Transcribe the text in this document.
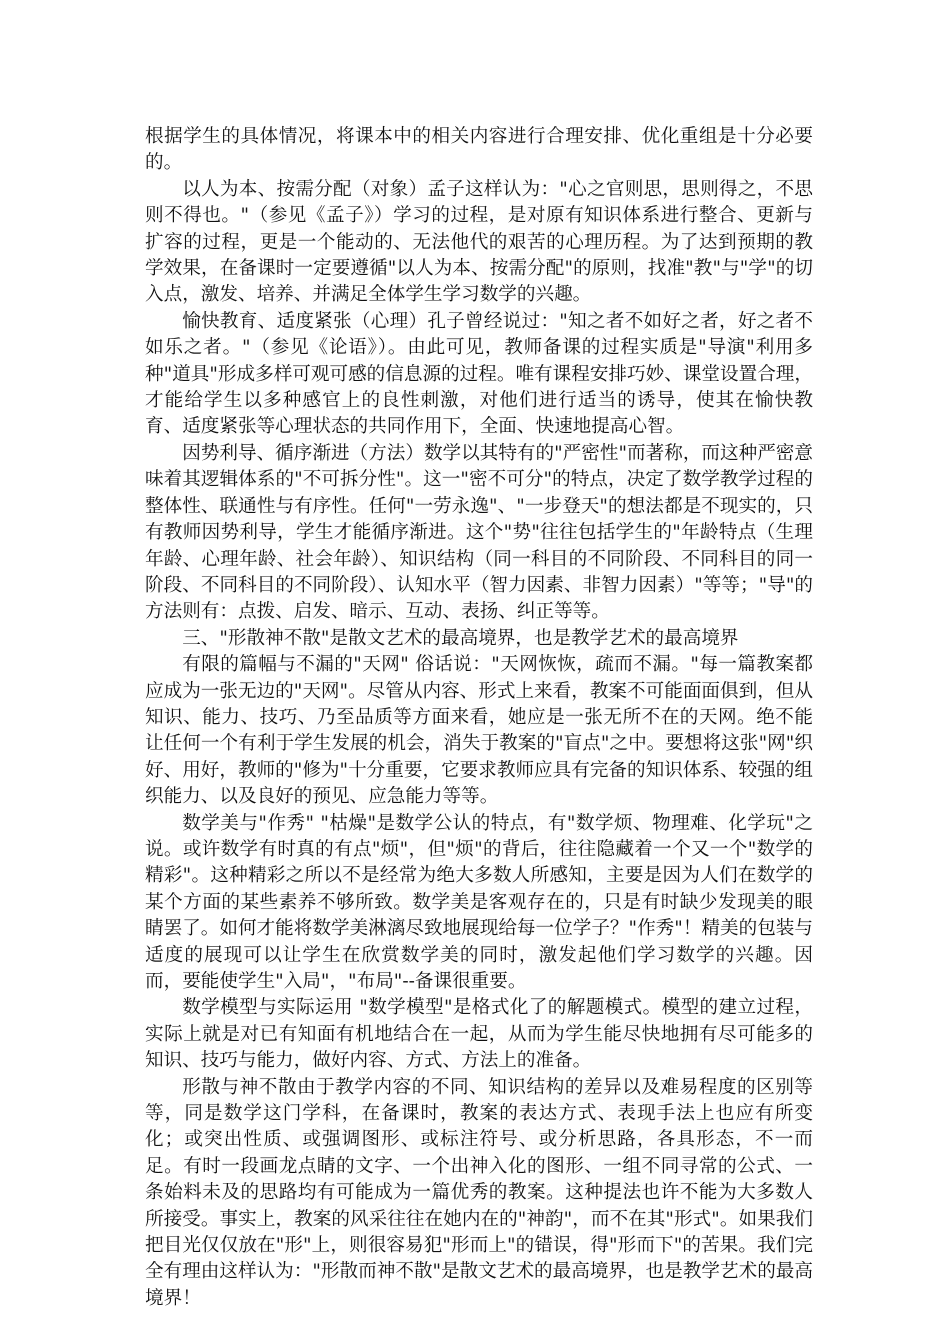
根据学生的具体情况，将课本中的相关内容进行合理安排、优化重组是十分必要的。

以人为本、按需分配（对象）孟子这样认为："心之官则思，思则得之，不思则不得也。"（参见《孟子》）学习的过程，是对原有知识体系进行整合、更新与扩容的过程，更是一个能动的、无法他代的艰苦的心理历程。为了达到预期的教学效果，在备课时一定要遵循"以人为本、按需分配"的原则，找准"教"与"学"的切入点，激发、培养、并满足全体学生学习数学的兴趣。

愉快教育、适度紧张（心理）孔子曾经说过："知之者不如好之者，好之者不如乐之者。"（参见《论语》）。由此可见，教师备课的过程实质是"导演"利用多种"道具"形成多样可观可感的信息源的过程。唯有课程安排巧妙、课堂设置合理，才能给学生以多种感官上的良性刺激，对他们进行适当的诱导，使其在愉快教育、适度紧张等心理状态的共同作用下，全面、快速地提高心智。

因势利导、循序渐进（方法）数学以其特有的"严密性"而著称，而这种严密意味着其逻辑体系的"不可拆分性"。这一"密不可分"的特点，决定了数学教学过程的整体性、联通性与有序性。任何"一劳永逸"、"一步登天"的想法都是不现实的，只有教师因势利导，学生才能循序渐进。这个"势"往往包括学生的"年龄特点（生理年龄、心理年龄、社会年龄）、知识结构（同一科目的不同阶段、不同科目的同一阶段、不同科目的不同阶段）、认知水平（智力因素、非智力因素）"等等；"导"的方法则有：点拨、启发、暗示、互动、表扬、纠正等等。

三、"形散神不散"是散文艺术的最高境界，也是教学艺术的最高境界

有限的篇幅与不漏的"天网" 俗话说："天网恢恢，疏而不漏。"每一篇教案都应成为一张无边的"天网"。尽管从内容、形式上来看，教案不可能面面俱到，但从知识、能力、技巧、乃至品质等方面来看，她应是一张无所不在的天网。绝不能让任何一个有利于学生发展的机会，消失于教案的"盲点"之中。要想将这张"网"织好、用好，教师的"修为"十分重要，它要求教师应具有完备的知识体系、较强的组织能力、以及良好的预见、应急能力等等。

数学美与"作秀" "枯燥"是数学公认的特点，有"数学烦、物理难、化学玩"之说。或许数学有时真的有点"烦"，但"烦"的背后，往往隐藏着一个又一个"数学的精彩"。这种精彩之所以不是经常为绝大多数人所感知，主要是因为人们在数学的某个方面的某些素养不够所致。数学美是客观存在的，只是有时缺少发现美的眼睛罢了。如何才能将数学美淋漓尽致地展现给每一位学子？"作秀"！精美的包装与适度的展现可以让学生在欣赏数学美的同时，激发起他们学习数学的兴趣。因而，要能使学生"入局"，"布局"--备课很重要。

数学模型与实际运用 "数学模型"是格式化了的解题模式。模型的建立过程，实际上就是对已有知面有机地结合在一起，从而为学生能尽快地拥有尽可能多的知识、技巧与能力，做好内容、方式、方法上的准备。

形散与神不散由于教学内容的不同、知识结构的差异以及难易程度的区别等等，同是数学这门学科，在备课时，教案的表达方式、表现手法上也应有所变化；或突出性质、或强调图形、或标注符号、或分析思路，各具形态，不一而足。有时一段画龙点睛的文字、一个出神入化的图形、一组不同寻常的公式、一条始料未及的思路均有可能成为一篇优秀的教案。这种提法也许不能为大多数人所接受。事实上，教案的风采往往在她内在的"神韵"，而不在其"形式"。如果我们把目光仅仅放在"形"上，则很容易犯"形而上"的错误，得"形而下"的苦果。我们完全有理由这样认为："形散而神不散"是散文艺术的最高境界，也是教学艺术的最高境界！
